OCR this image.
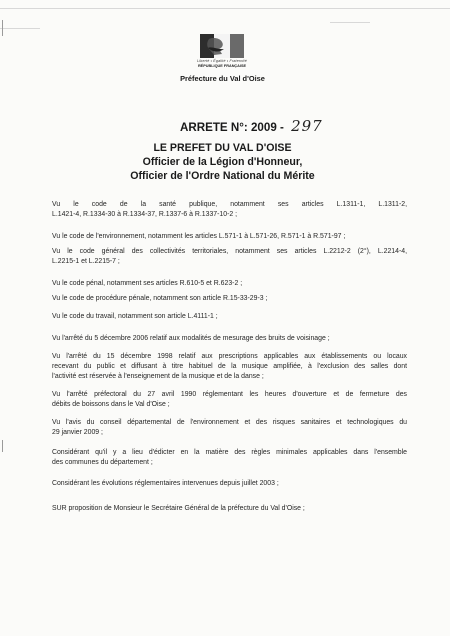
Liberté • Égalité • Fraternité
RÉPUBLIQUE FRANÇAISE
Préfecture du Val d'Oise
ARRETE N°: 2009 - 297
LE PREFET DU VAL D'OISE
Officier de la Légion d'Honneur,
Officier de l'Ordre National du Mérite
Vu le code de la santé publique, notamment ses articles L.1311-1, L.1311-2,
L.1421-4, R.1334-30 à R.1334-37, R.1337-6 à R.1337-10-2 ;
Vu le code de l'environnement, notamment les articles L.571-1 à L.571-26, R.571-1 à R.571-97 ;
Vu le code général des collectivités territoriales, notamment ses articles L.2212-2 (2°), L.2214-4,
L.2215-1 et L.2215-7 ;
Vu le code pénal, notamment ses articles R.610-5 et R.623-2 ;
Vu le code de procédure pénale, notamment son article R.15-33-29-3 ;
Vu le code du travail, notamment son article L.4111-1 ;
Vu l'arrêté du 5 décembre 2006 relatif aux modalités de mesurage des bruits de voisinage ;
Vu l'arrêté du 15 décembre 1998 relatif aux prescriptions applicables aux établissements ou locaux
recevant du public et diffusant à titre habituel de la musique amplifiée, à l'exclusion des salles dont
l'activité est réservée à l'enseignement de la musique et de la danse ;
Vu l'arrêté préfectoral du 27 avril 1990 réglementant les heures d'ouverture et de fermeture des
débits de boissons dans le Val d'Oise ;
Vu l'avis du conseil départemental de l'environnement et des risques sanitaires et technologiques du
29 janvier 2009 ;
Considérant qu'il y a lieu d'édicter en la matière des règles minimales applicables dans l'ensemble
des communes du département ;
Considérant les évolutions réglementaires intervenues depuis juillet 2003 ;
SUR proposition de Monsieur le Secrétaire Général de la préfecture du Val d'Oise ;
